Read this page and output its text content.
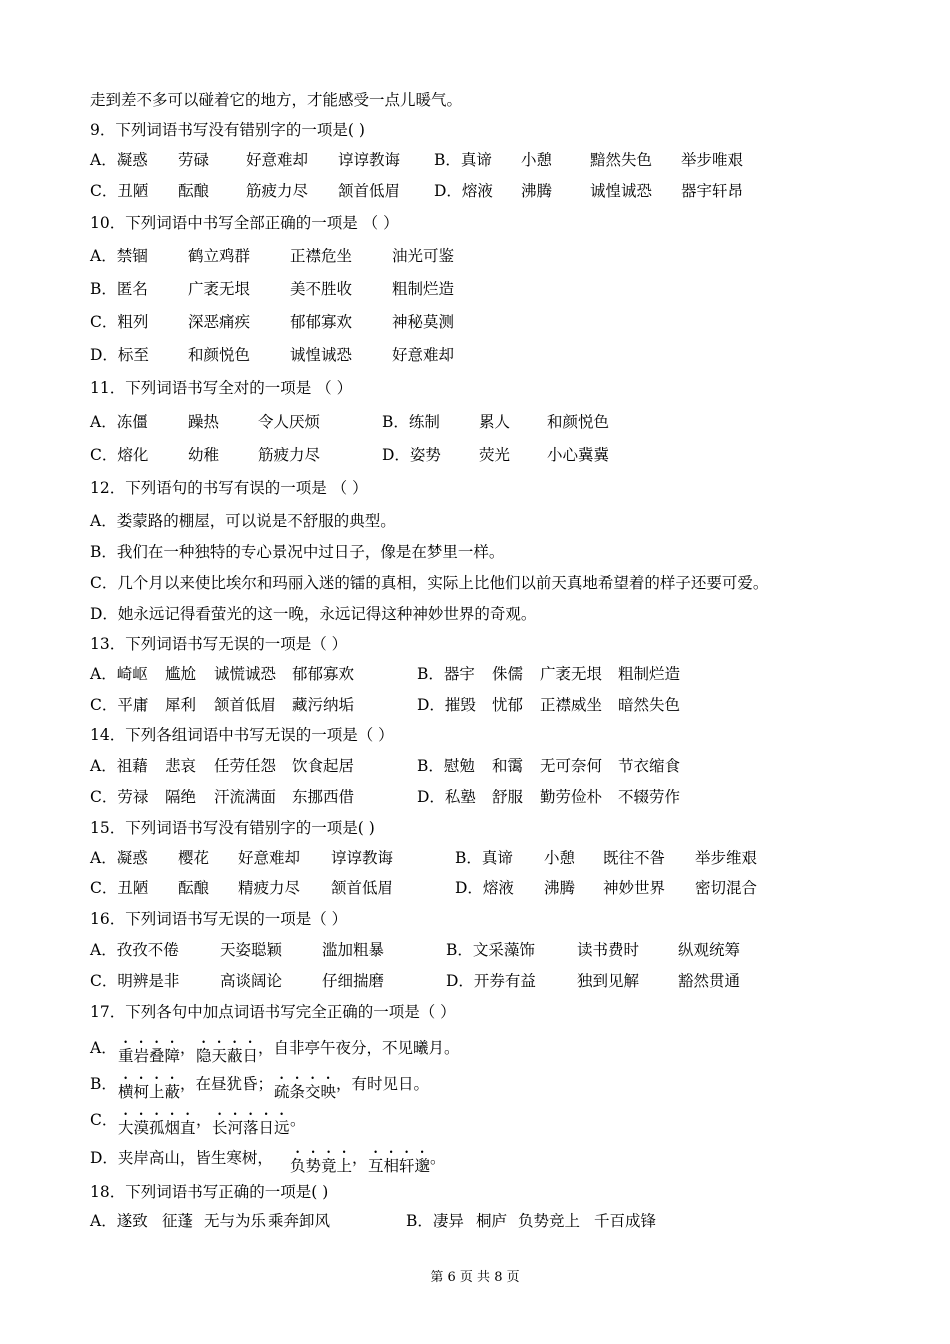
走到差不多可以碰着它的地方，才能感受一点儿暖气。
9．下列词语书写没有错别字的一项是( )
A．凝惑 劳碌 好意难却 谆谆教诲 B．真谛 小憩 黯然失色 举步唯艰
C．丑陋 酝酿 筋疲力尽 颔首低眉 D．熔液 沸腾 诚惶诚恐 器宇轩昂
10．下列词语中书写全部正确的一项是 （ ）
A．禁锢	鹤立鸡群	正襟危坐	油光可鉴
B．匿名	广袤无垠	美不胜收	粗制烂造
C．粗列	深恶痛疾	郁郁寡欢	神秘莫测
D．标至	和颜悦色	诚惶诚恐	好意难却
11．下列词语书写全对的一项是 （ ）
A．冻僵	躁热	令人厌烦	B．练制	累人 和颜悦色
C．熔化	幼稚	筋疲力尽	D．姿势 荧光 小心冀冀
12．下列语句的书写有误的一项是 （ ）
A．娄蒙路的棚屋，可以说是不舒服的典型。
B．我们在一种独特的专心景况中过日子，像是在梦里一样。
C．几个月以来使比埃尔和玛丽入迷的镭的真相，实际上比他们以前天真地希望着的样子还要可爱。
D．她永远记得看萤光的这一晚，永远记得这种神妙世界的奇观。
13．下列词语书写无误的一项是（ ）
A．崎岖 尴尬 诚慌诚恐 郁郁寡欢	B．器宇 侏儒 广袤无垠 粗制烂造
C．平庸 犀利 颔首低眉 藏污纳垢	D．摧毁 忧郁 正襟威坐 暗然失色
14．下列各组词语中书写无误的一项是（ ）
A．祖藉 悲哀 任劳任怨 饮食起居	B．慰勉 和霭 无可奈何 节衣缩食
C．劳禄 隔绝 汗流满面 东挪西借	D．私塾 舒服 勤劳俭朴 不辍劳作
15．下列词语书写没有错别字的一项是( )
A．凝惑 樱花 好意难却 谆谆教诲	B．真谛 小憩 既往不昝 举步维艰
C．丑陋 酝酿 精疲力尽 颔首低眉	D．熔液 沸腾 神妙世界 密切混合
16．下列词语书写无误的一项是（ ）
A．孜孜不倦	天姿聪颖	滥加粗暴	B．文采藻饰	读书费时	纵观统筹
C．明辨是非	高谈阔论	仔细揣磨	D．开券有益	独到见解	豁然贯通
17．下列各句中加点词语书写完全正确的一项是（ ）
A． 重岩叠障 ， 隐天蔽日 ，自非亭午夜分，不见曦月。
B． 横柯上蔽 ，在昼犹昏； 疏条交映 ，有时见日。
C． 大漠孤烟直 ， 长河落日远 。
D．夹岸高山，皆生寒树， 负势竟上 ， 互相轩邈 。
18．下列词语书写正确的一项是( )
A．遂致 征蓬 无与为乐 乘奔卸风	B．凄异 桐庐 负势竞上 千百成锋
第 6 页 共 8 页
